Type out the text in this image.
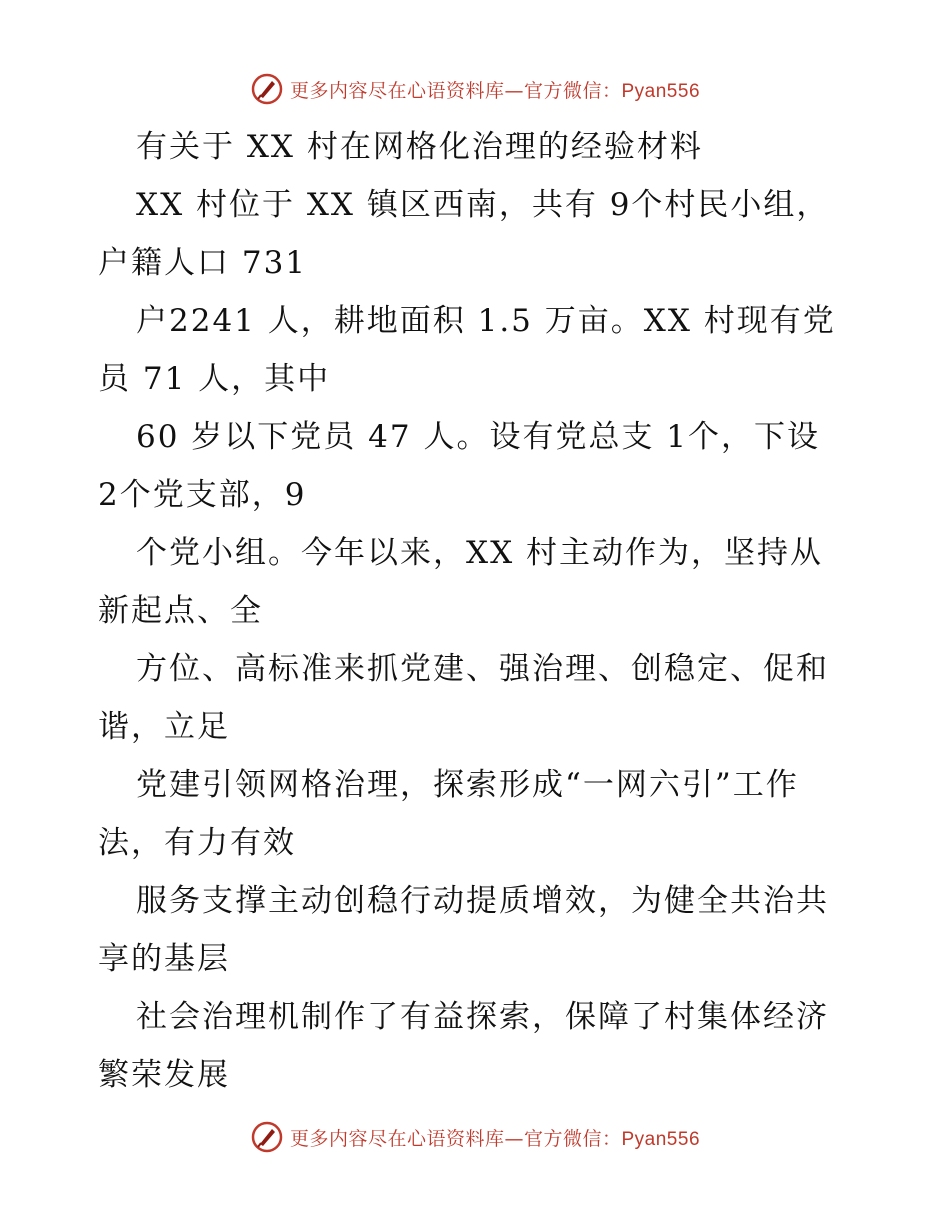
更多内容尽在心语资料库—官方微信：Pyan556
有关于 XX 村在网格化治理的经验材料
XX 村位于 XX 镇区西南，共有 9个村民小组，
户籍人口 731
户2241 人，耕地面积 1.5 万亩。XX 村现有党
员 71 人，其中
60 岁以下党员 47 人。设有党总支 1个，下设
2个党支部，9
个党小组。今年以来，XX 村主动作为，坚持从
新起点、全
方位、高标准来抓党建、强治理、创稳定、促和
谐，立足
党建引领网格治理，探索形成“一网六引”工作
法，有力有效
服务支撑主动创稳行动提质增效，为健全共治共
享的基层
社会治理机制作了有益探索，保障了村集体经济
繁荣发展
更多内容尽在心语资料库—官方微信：Pyan556
